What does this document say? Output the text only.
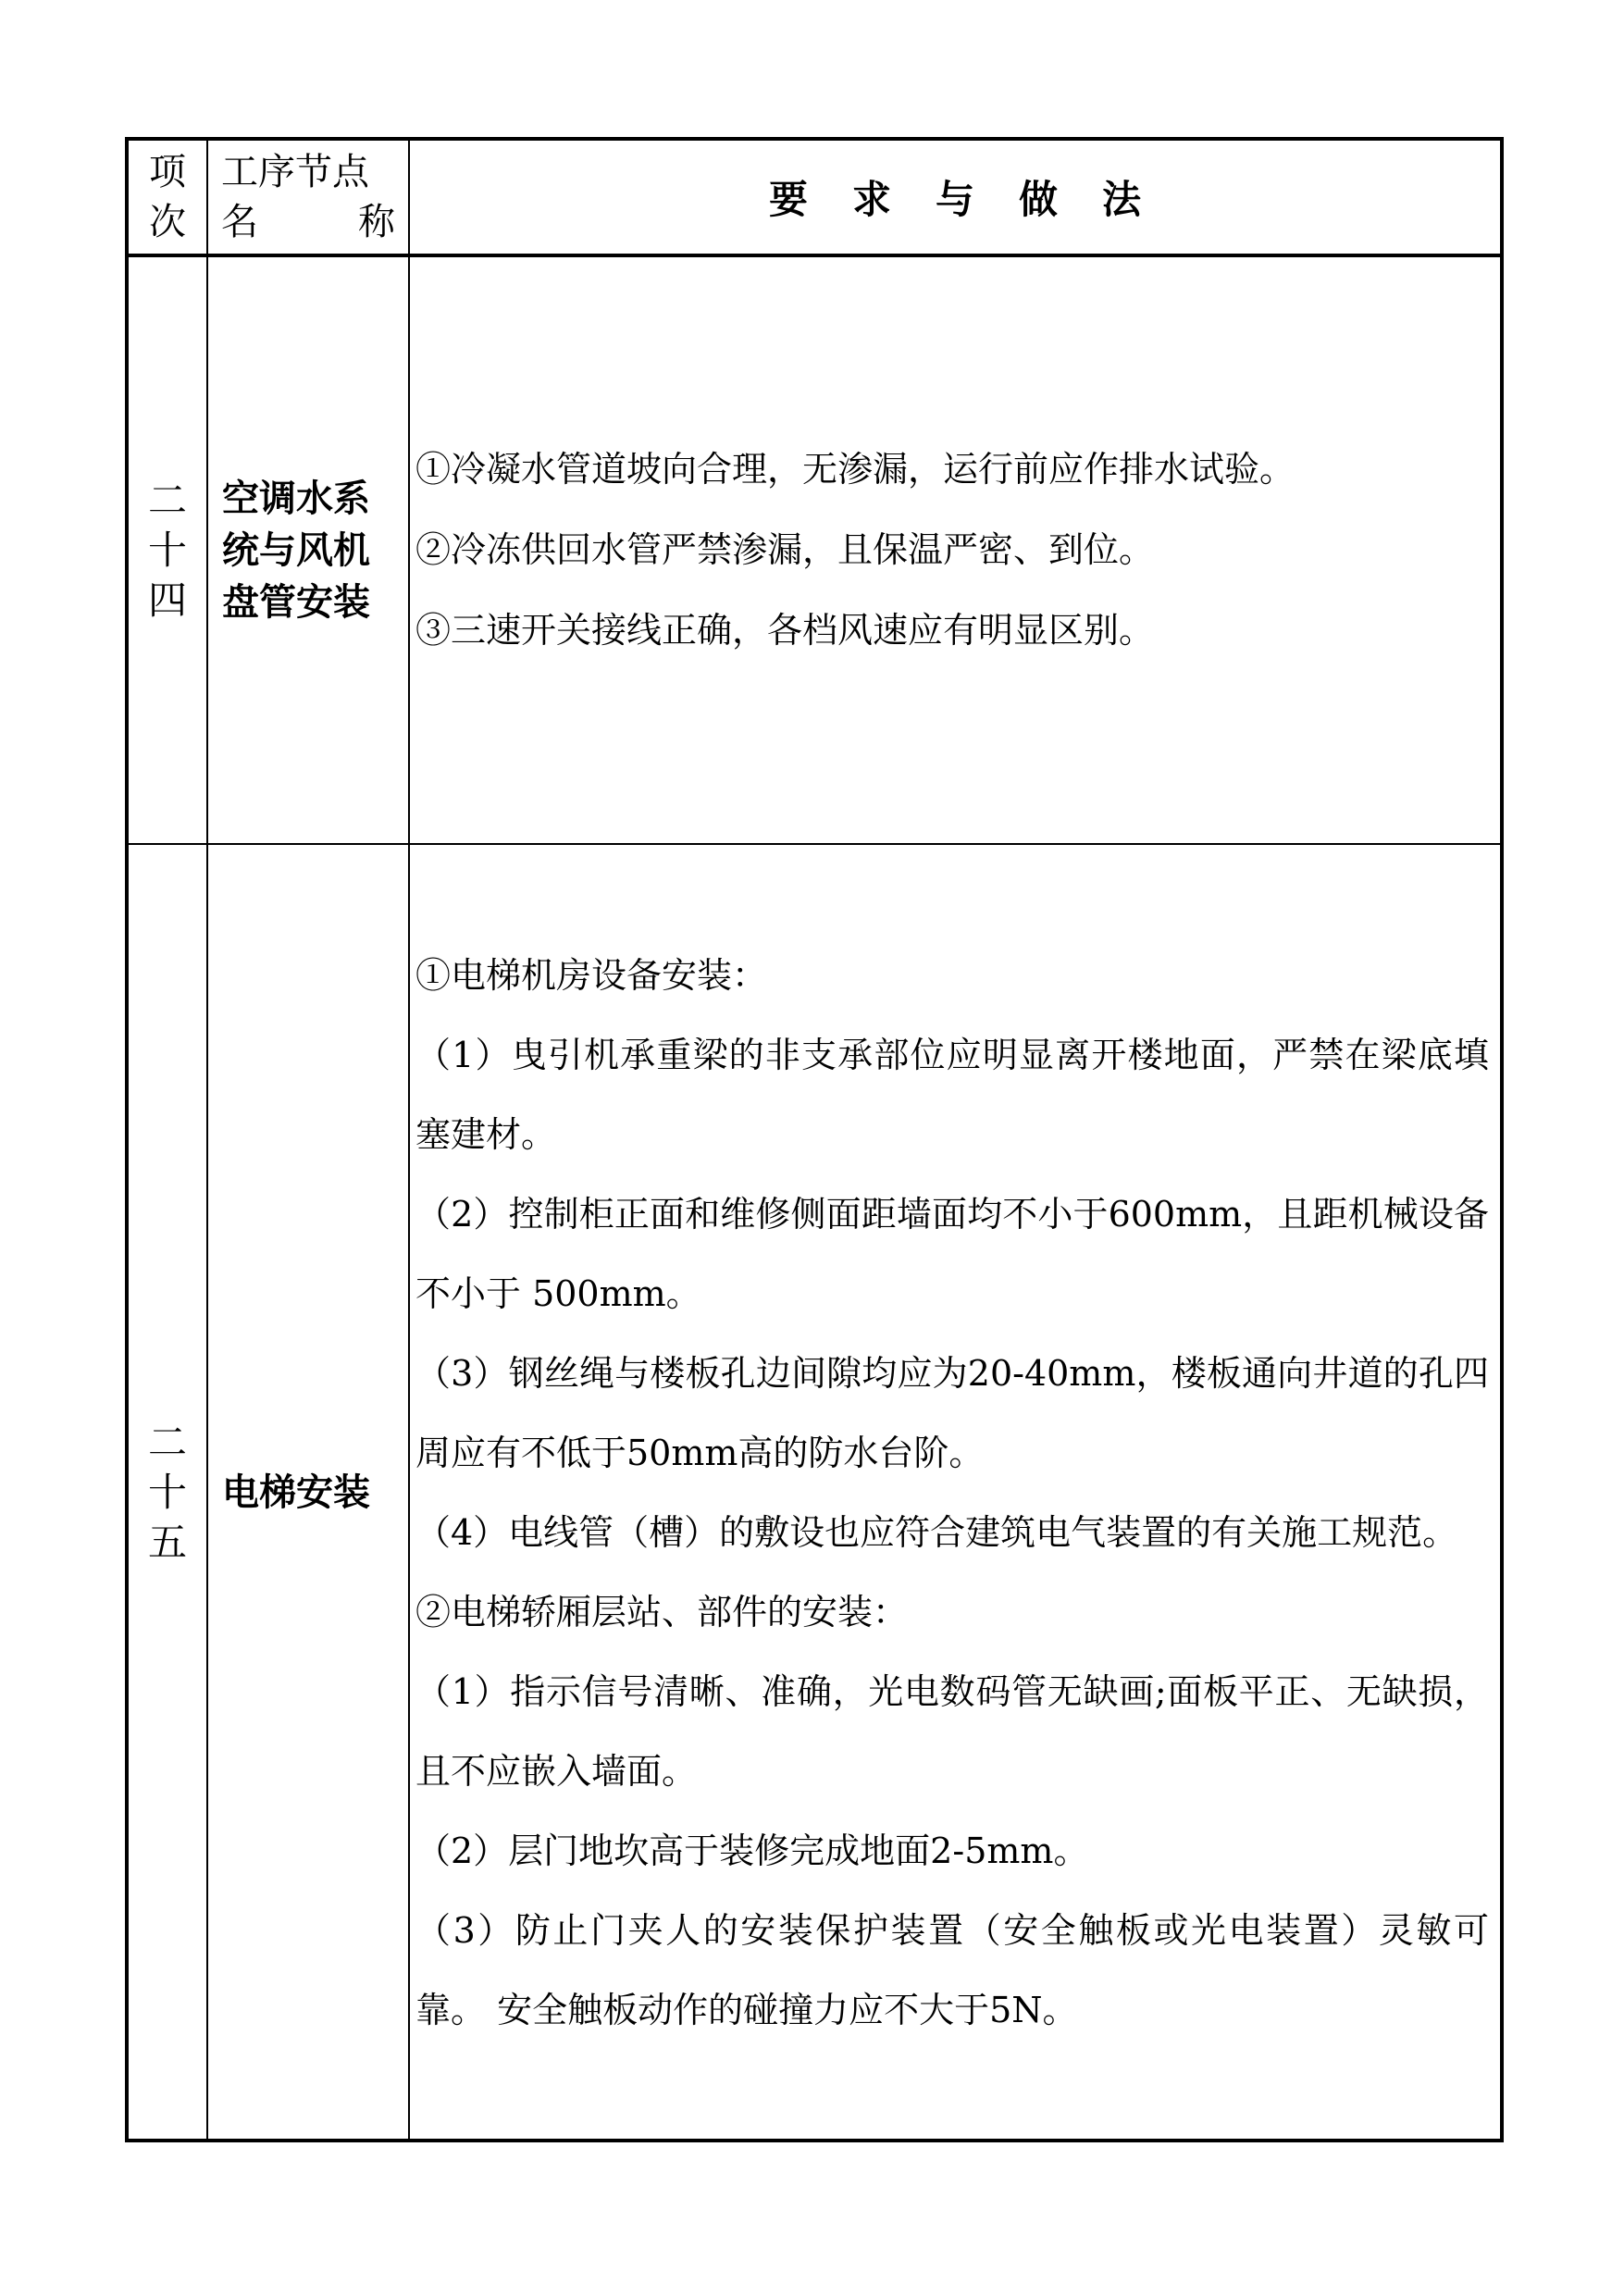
项次
工序节点
名	称	要求与做法
二十四
空调水系统与风机盘管安装

①冷凝水管道坡向合理，无渗漏，运行前应作排水试验。

②冷冻供回水管严禁渗漏，且保温严密、到位。

③三速开关接线正确，各档风速应有明显区别。

二十五
电梯安装

①电梯机房设备安装：

（1）曳引机承重梁的非支承部位应明显离开楼地面，严禁在梁底填塞建材。

（2）控制柜正面和维修侧面距墙面均不小于600mm，且距机械设备不小于 500mm。

（3）钢丝绳与楼板孔边间隙均应为20-40mm，楼板通向井道的孔四周应有不低于50mm高的防水台阶。

（4）电线管（槽）的敷设也应符合建筑电气装置的有关施工规范。

②电梯轿厢层站、部件的安装：

（1）指示信号清晰、准确，光电数码管无缺画;面板平正、无缺损，且不应嵌入墙面。

（2）层门地坎高于装修完成地面2-5mm。

（3）防止门夹人的安装保护装置（安全触板或光电装置）灵敏可靠。 安全触板动作的碰撞力应不大于5N。
